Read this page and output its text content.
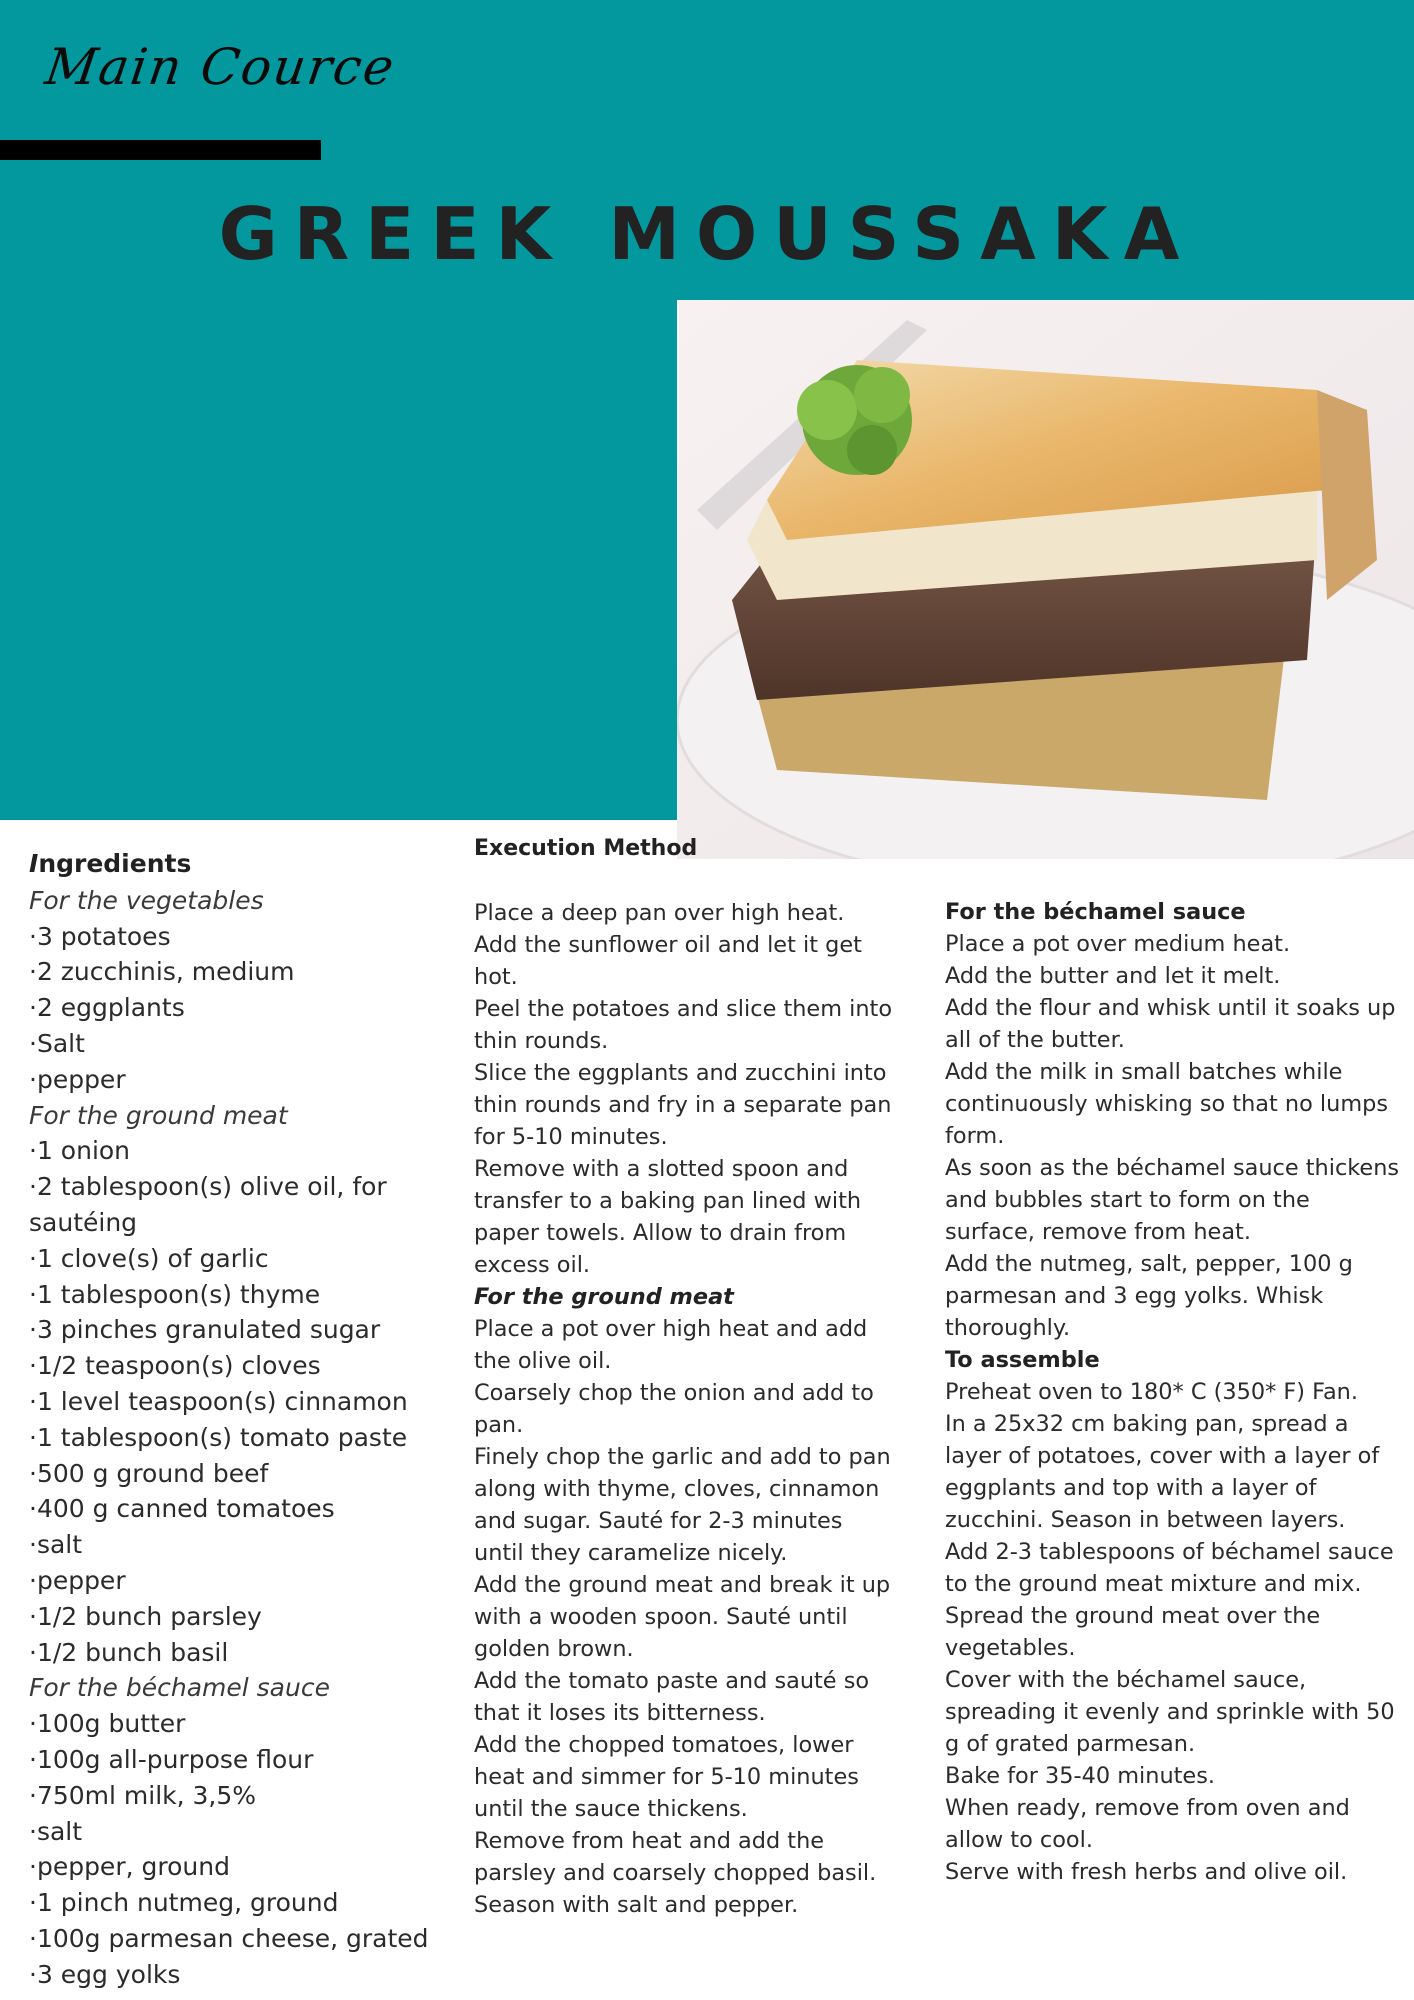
Main Cource
GREEK MOUSSAKA
Ingredients
For the vegetables
·3 potatoes
·2 zucchinis, medium
·2 eggplants
·Salt
·pepper
For the ground meat
·1 onion
·2 tablespoon(s) olive oil, for sautéing
·1 clove(s) of garlic
·1 tablespoon(s) thyme
·3 pinches granulated sugar
·1/2 teaspoon(s) cloves
·1 level teaspoon(s) cinnamon
·1 tablespoon(s) tomato paste
·500 g ground beef
·400 g canned tomatoes
·salt
·pepper
·1/2 bunch parsley
·1/2 bunch basil
For the béchamel sauce
·100g butter
·100g all-purpose flour
·750ml milk, 3,5%
·salt
·pepper, ground
·1 pinch nutmeg, ground
·100g parmesan cheese, grated
·3 egg yolks
Execution Method
Place a deep pan over high heat.
Add the sunflower oil and let it get hot.
Peel the potatoes and slice them into thin rounds.
Slice the eggplants and zucchini into thin rounds and fry in a separate pan for 5-10 minutes.
Remove with a slotted spoon and transfer to a baking pan lined with paper towels. Allow to drain from excess oil.
For the ground meat
Place a pot over high heat and add the olive oil.
Coarsely chop the onion and add to pan.
Finely chop the garlic and add to pan along with thyme, cloves, cinnamon and sugar. Sauté for 2-3 minutes until they caramelize nicely.
Add the ground meat and break it up with a wooden spoon. Sauté until golden brown.
Add the tomato paste and sauté so that it loses its bitterness.
Add the chopped tomatoes, lower heat and simmer for 5-10 minutes until the sauce thickens.
Remove from heat and add the parsley and coarsely chopped basil. Season with salt and pepper.
For the béchamel sauce
Place a pot over medium heat.
Add the butter and let it melt.
Add the flour and whisk until it soaks up all of the butter.
Add the milk in small batches while continuously whisking so that no lumps form.
As soon as the béchamel sauce thickens and bubbles start to form on the surface, remove from heat.
Add the nutmeg, salt, pepper, 100 g parmesan and 3 egg yolks. Whisk thoroughly.
To assemble
Preheat oven to 180* C (350* F) Fan.
In a 25x32 cm baking pan, spread a layer of potatoes, cover with a layer of eggplants and top with a layer of zucchini. Season in between layers.
Add 2-3 tablespoons of béchamel sauce to the ground meat mixture and mix. Spread the ground meat over the vegetables.
Cover with the béchamel sauce, spreading it evenly and sprinkle with 50 g of grated parmesan.
Bake for 35-40 minutes.
When ready, remove from oven and allow to cool.
Serve with fresh herbs and olive oil.
